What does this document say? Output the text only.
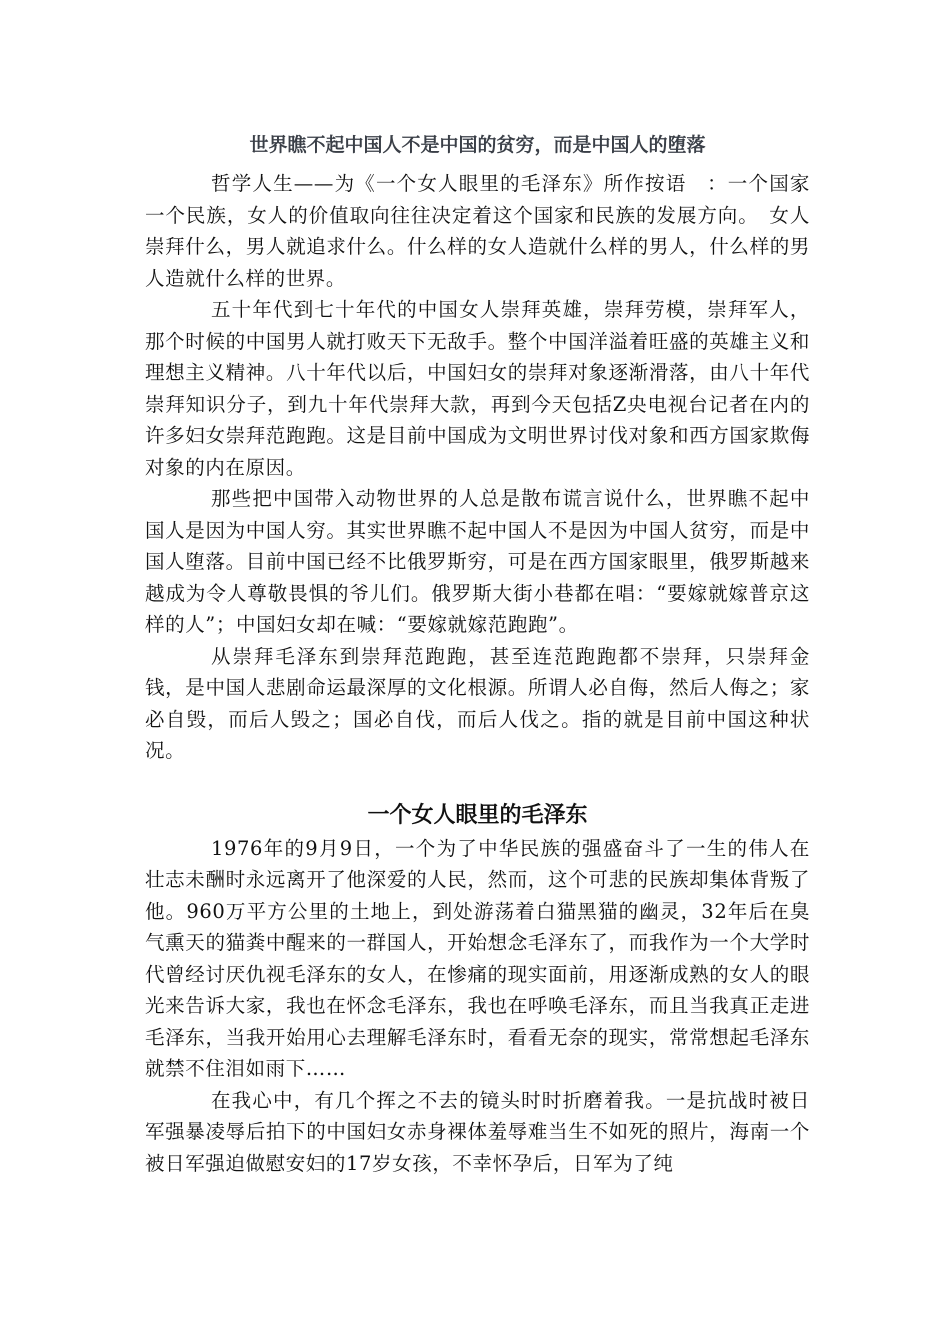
世界瞧不起中国人不是中国的贫穷，而是中国人的堕落

哲学人生——为《一个女人眼里的毛泽东》所作按语　：一个国家一个民族，女人的价值取向往往决定着这个国家和民族的发展方向。　女人崇拜什么，男人就追求什么。什么样的女人造就什么样的男人，什么样的男人造就什么样的世界。

五十年代到七十年代的中国女人崇拜英雄，崇拜劳模，崇拜军人，那个时候的中国男人就打败天下无敌手。整个中国洋溢着旺盛的英雄主义和理想主义精神。八十年代以后，中国妇女的崇拜对象逐渐滑落，由八十年代崇拜知识分子，到九十年代崇拜大款，再到今天包括Z央电视台记者在内的许多妇女崇拜范跑跑。这是目前中国成为文明世界讨伐对象和西方国家欺侮对象的内在原因。

那些把中国带入动物世界的人总是散布谎言说什么，世界瞧不起中国人是因为中国人穷。其实世界瞧不起中国人不是因为中国人贫穷，而是中国人堕落。目前中国已经不比俄罗斯穷，可是在西方国家眼里，俄罗斯越来越成为令人尊敬畏惧的爷儿们。俄罗斯大街小巷都在唱：“要嫁就嫁普京这样的人”；中国妇女却在喊：“要嫁就嫁范跑跑”。

从崇拜毛泽东到崇拜范跑跑，甚至连范跑跑都不崇拜，只崇拜金钱，是中国人悲剧命运最深厚的文化根源。所谓人必自侮，然后人侮之；家必自毁，而后人毁之；国必自伐，而后人伐之。指的就是目前中国这种状况。

一个女人眼里的毛泽东

1976年的9月9日，一个为了中华民族的强盛奋斗了一生的伟人在壮志未酬时永远离开了他深爱的人民，然而，这个可悲的民族却集体背叛了他。960万平方公里的土地上，到处游荡着白猫黑猫的幽灵，32年后在臭气熏天的猫粪中醒来的一群国人，开始想念毛泽东了，而我作为一个大学时代曾经讨厌仇视毛泽东的女人，在惨痛的现实面前，用逐渐成熟的女人的眼光来告诉大家，我也在怀念毛泽东，我也在呼唤毛泽东，而且当我真正走进毛泽东，当我开始用心去理解毛泽东时，看看无奈的现实，常常想起毛泽东就禁不住泪如雨下……

在我心中，有几个挥之不去的镜头时时折磨着我。一是抗战时被日军强暴凌辱后拍下的中国妇女赤身裸体羞辱难当生不如死的照片，海南一个被日军强迫做慰安妇的17岁女孩，不幸怀孕后，日军为了纯
